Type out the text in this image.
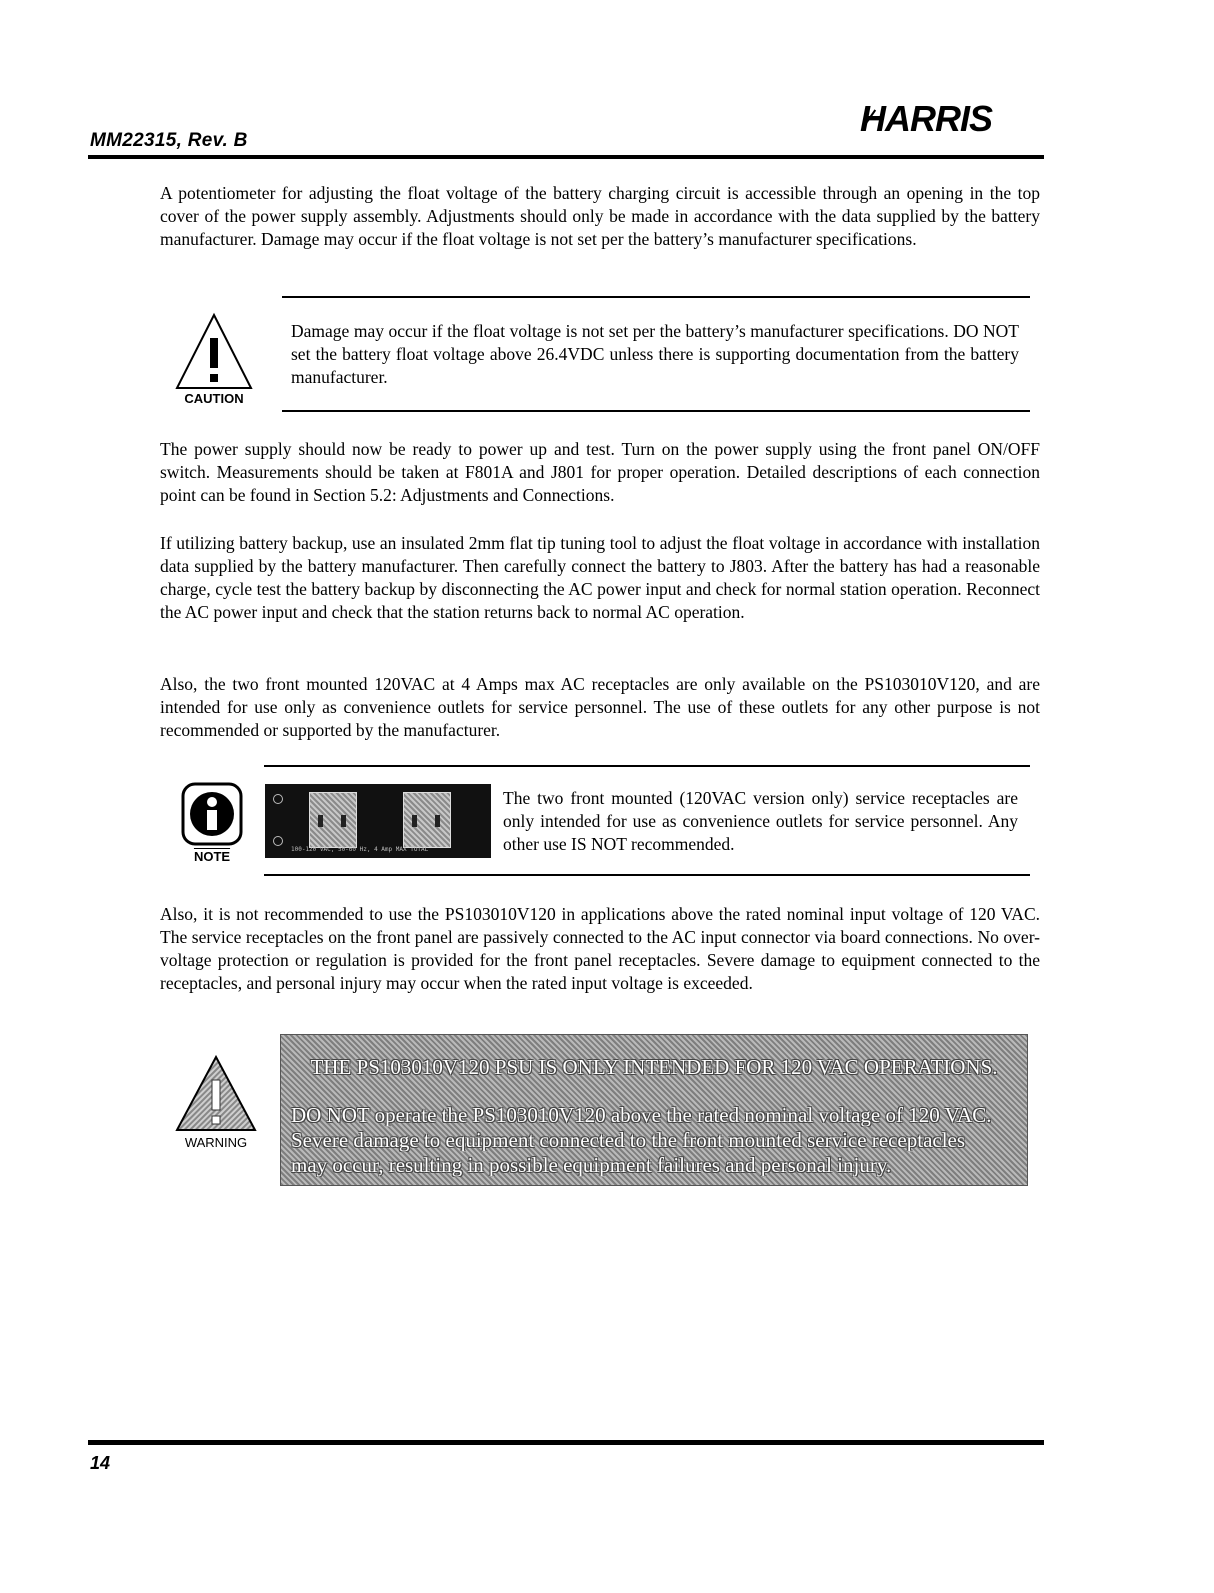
MM22315, Rev. B
HARRIS

A potentiometer for adjusting the float voltage of the battery charging circuit is accessible through an opening in the top cover of the power supply assembly. Adjustments should only be made in accordance with the data supplied by the battery manufacturer. Damage may occur if the float voltage is not set per the battery’s manufacturer specifications.

CAUTION

Damage may occur if the float voltage is not set per the battery’s manufacturer specifications. DO NOT set the battery float voltage above 26.4VDC unless there is supporting documentation from the battery manufacturer.

The power supply should now be ready to power up and test. Turn on the power supply using the front panel ON/OFF switch. Measurements should be taken at F801A and J801 for proper operation. Detailed descriptions of each connection point can be found in Section 5.2: Adjustments and Connections.

If utilizing battery backup, use an insulated 2mm flat tip tuning tool to adjust the float voltage in accordance with installation data supplied by the battery manufacturer. Then carefully connect the battery to J803. After the battery has had a reasonable charge, cycle test the battery backup by disconnecting the AC power input and check for normal station operation. Reconnect the AC power input and check that the station returns back to normal AC operation.

Also, the two front mounted 120VAC at 4 Amps max AC receptacles are only available on the PS103010V120, and are intended for use only as convenience outlets for service personnel. The use of these outlets for any other purpose is not recommended or supported by the manufacturer.

NOTE	100-120 VAC, 50-60 Hz, 4 Amp MAX TOTAL

The two front mounted (120VAC version only) service receptacles are only intended for use as convenience outlets for service personnel. Any other use IS NOT recommended.

Also, it is not recommended to use the PS103010V120 in applications above the rated nominal input voltage of 120 VAC. The service receptacles on the front panel are passively connected to the AC input connector via board connections. No over-voltage protection or regulation is provided for the front panel receptacles. Severe damage to equipment connected to the receptacles, and personal injury may occur when the rated input voltage is exceeded.

WARNING

THE PS103010V120 PSU IS ONLY INTENDED FOR 120 VAC OPERATIONS.

DO NOT operate the PS103010V120 above the rated nominal voltage of 120 VAC.

Severe damage to equipment connected to the front mounted service receptacles

may occur, resulting in possible equipment failures and personal injury.

14
